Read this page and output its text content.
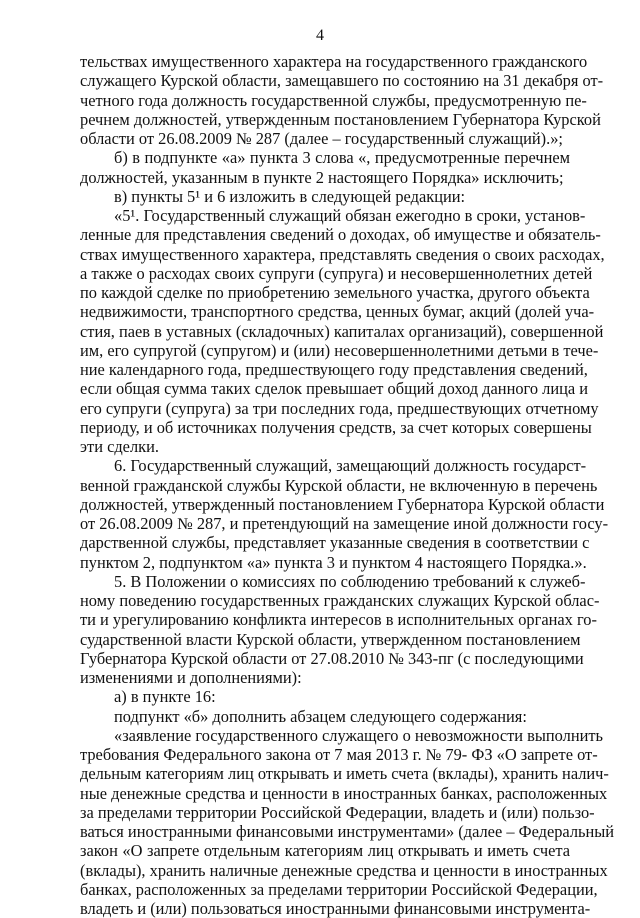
4
тельствах имущественного характера на государственного гражданского
служащего Курской области, замещавшего по состоянию на 31 декабря от-
четного года должность государственной службы, предусмотренную пе-
речнем должностей, утвержденным постановлением Губернатора Курской
области от 26.08.2009 № 287 (далее – государственный служащий).»;
б) в подпункте «а» пункта 3 слова «, предусмотренные перечнем
должностей, указанным в пункте 2 настоящего Порядка» исключить;
в) пункты 5¹ и 6 изложить в следующей редакции:
«5¹. Государственный служащий обязан ежегодно в сроки, установ-
ленные для представления сведений о доходах, об имуществе и обязатель-
ствах имущественного характера, представлять сведения о своих расходах,
а также о расходах своих супруги (супруга) и несовершеннолетних детей
по каждой сделке по приобретению земельного участка, другого объекта
недвижимости, транспортного средства, ценных бумаг, акций (долей уча-
стия, паев в уставных (складочных) капиталах организаций), совершенной
им, его супругой (супругом) и (или) несовершеннолетними детьми в тече-
ние календарного года, предшествующего году представления сведений,
если общая сумма таких сделок превышает общий доход данного лица и
его супруги (супруга) за три последних года, предшествующих отчетному
периоду, и об источниках получения средств, за счет которых совершены
эти сделки.
6. Государственный служащий, замещающий должность государст-
венной гражданской службы Курской области, не включенную в перечень
должностей, утвержденный постановлением Губернатора Курской области
от 26.08.2009 № 287, и претендующий на замещение иной должности госу-
дарственной службы, представляет указанные сведения в соответствии с
пунктом 2, подпунктом «а» пункта 3 и пунктом 4 настоящего Порядка.».
5. В Положении о комиссиях по соблюдению требований к служеб-
ному поведению государственных гражданских служащих Курской облас-
ти и урегулированию конфликта интересов в исполнительных органах го-
сударственной власти Курской области, утвержденном постановлением
Губернатора Курской области от 27.08.2010 № 343-пг (с последующими
изменениями и дополнениями):
а) в пункте 16:
подпункт «б» дополнить абзацем следующего содержания:
«заявление государственного служащего о невозможности выполнить
требования Федерального закона от 7 мая 2013 г. № 79- ФЗ «О запрете от-
дельным категориям лиц открывать и иметь счета (вклады), хранить налич-
ные денежные средства и ценности в иностранных банках, расположенных
за пределами территории Российской Федерации, владеть и (или) пользо-
ваться иностранными финансовыми инструментами» (далее – Федеральный
закон «О запрете отдельным категориям лиц открывать и иметь счета
(вклады), хранить наличные денежные средства и ценности в иностранных
банках, расположенных за пределами территории Российской Федерации,
владеть и (или) пользоваться иностранными финансовыми инструмента-
